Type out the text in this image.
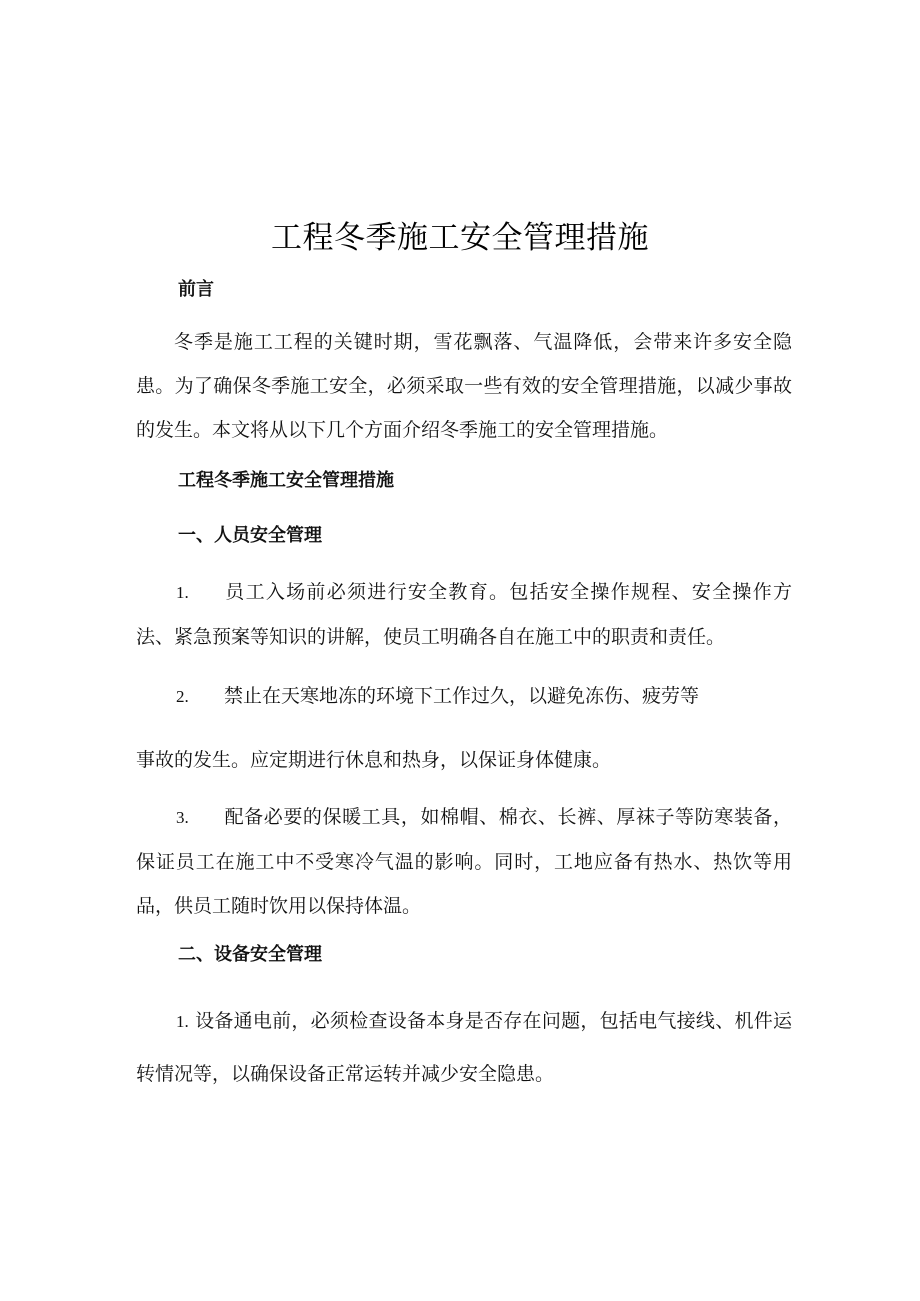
工程冬季施工安全管理措施
前言
冬季是施工工程的关键时期，雪花飘落、气温降低，会带来许多安全隐患。为了确保冬季施工安全，必须采取一些有效的安全管理措施，以减少事故的发生。本文将从以下几个方面介绍冬季施工的安全管理措施。
工程冬季施工安全管理措施
一、人员安全管理
1. 员工入场前必须进行安全教育。包括安全操作规程、安全操作方法、紧急预案等知识的讲解，使员工明确各自在施工中的职责和责任。
2. 禁止在天寒地冻的环境下工作过久，以避免冻伤、疲劳等
事故的发生。应定期进行休息和热身，以保证身体健康。
3. 配备必要的保暖工具，如棉帽、棉衣、长裤、厚袜子等防寒装备，保证员工在施工中不受寒冷气温的影响。同时，工地应备有热水、热饮等用品，供员工随时饮用以保持体温。
二、设备安全管理
1. 设备通电前，必须检查设备本身是否存在问题，包括电气接线、机件运转情况等，以确保设备正常运转并减少安全隐患。
